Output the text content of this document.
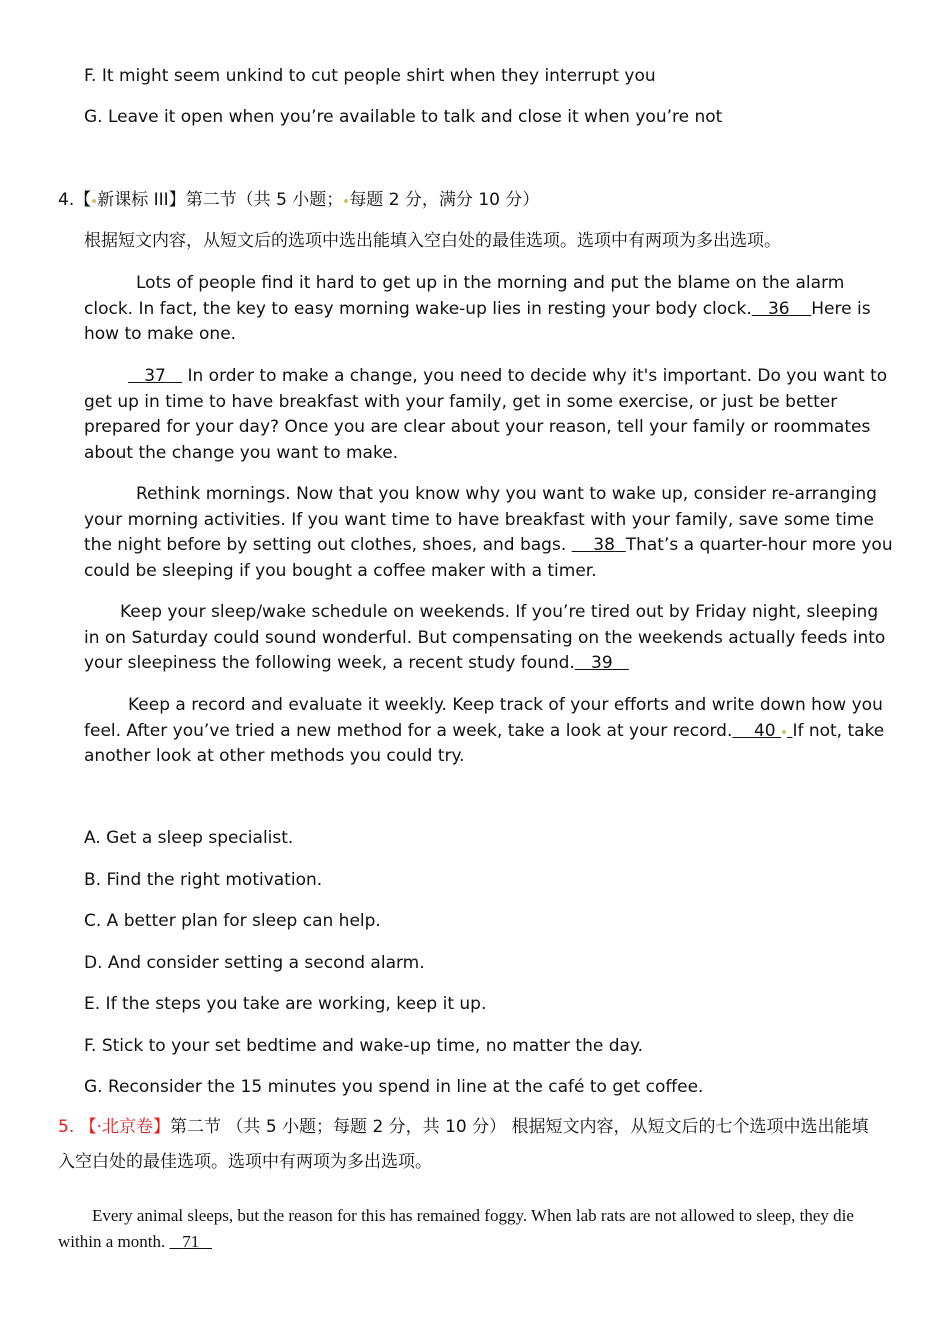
F. It might seem unkind to cut people shirt when they interrupt you
G. Leave it open when you’re available to talk and close it when you’re not
4.【 新课标 III】第二节（共 5 小题； 每题 2 分，满分 10 分）
根据短文内容，从短文后的选项中选出能填入空白处的最佳选项。选项中有两项为多出选项。
Lots of people find it hard to get up in the morning and put the blame on the alarm clock. In fact, the key to easy morning wake-up lies in resting your body clock. 36 Here is how to make one.
37    In order to make a change, you need to decide why it's important. Do you want to get up in time to have breakfast with your family, get in some exercise, or just be better prepared for your day? Once you are clear about your reason, tell your family or roommates about the change you want to make.
Rethink mornings. Now that you know why you want to wake up, consider re-arranging your morning activities. If you want time to have breakfast with your family, save some time the night before by setting out clothes, shoes, and bags. 38 That’s a quarter-hour more you could be sleeping if you bought a coffee maker with a timer.
Keep your sleep/wake schedule on weekends. If you’re tired out by Friday night, sleeping in on Saturday could sound wonderful. But compensating on the weekends actually feeds into your sleepiness the following week, a recent study found. 39
Keep a record and evaluate it weekly. Keep track of your efforts and write down how you feel. After you’ve tried a new method for a week, take a look at your record. 40 If not, take another look at other methods you could try.
A. Get a sleep specialist.
B. Find the right motivation.
C. A better plan for sleep can help.
D. And consider setting a second alarm.
E. If the steps you take are working, keep it up.
F. Stick to your set bedtime and wake-up time, no matter the day.
G. Reconsider the 15 minutes you spend in line at the café to get coffee.
5. 【·北京卷】第二节 （共 5 小题；每题 2 分，共 10 分） 根据短文内容，从短文后的七个选项中选出能填
入空白处的最佳选项。选项中有两项为多出选项。
Every animal sleeps, but the reason for this has remained foggy. When lab rats are not allowed to sleep, they die within a month. 71
